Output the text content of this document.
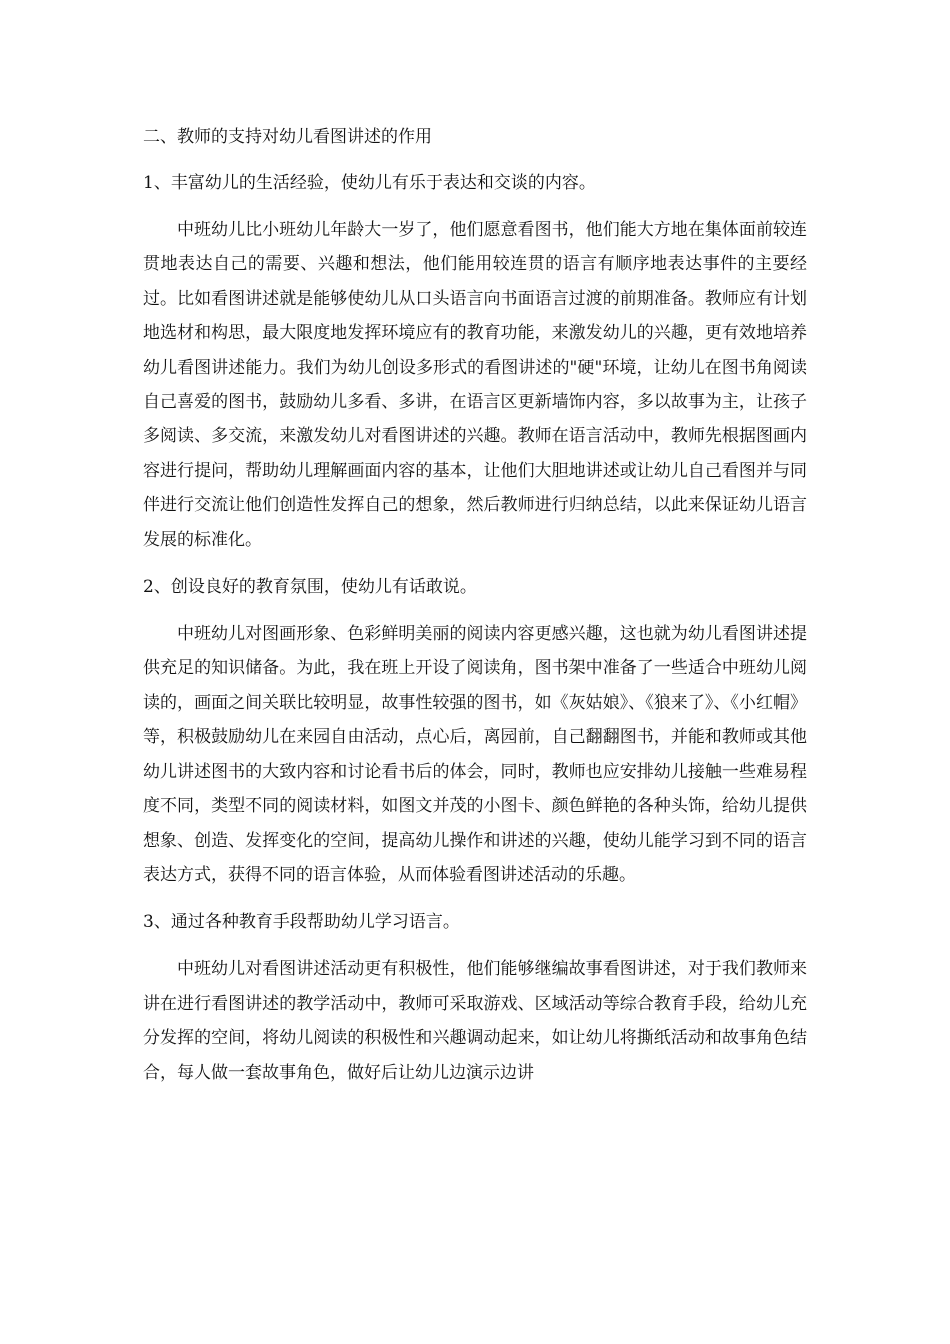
二、教师的支持对幼儿看图讲述的作用
1、丰富幼儿的生活经验，使幼儿有乐于表达和交谈的内容。

中班幼儿比小班幼儿年龄大一岁了，他们愿意看图书，他们能大方地在集体面前较连贯地表达自己的需要、兴趣和想法，他们能用较连贯的语言有顺序地表达事件的主要经过。比如看图讲述就是能够使幼儿从口头语言向书面语言过渡的前期准备。教师应有计划地选材和构思，最大限度地发挥环境应有的教育功能，来激发幼儿的兴趣，更有效地培养幼儿看图讲述能力。我们为幼儿创设多形式的看图讲述的"硬"环境，让幼儿在图书角阅读自己喜爱的图书，鼓励幼儿多看、多讲，在语言区更新墙饰内容，多以故事为主，让孩子多阅读、多交流，来激发幼儿对看图讲述的兴趣。教师在语言活动中，教师先根据图画内容进行提问，帮助幼儿理解画面内容的基本，让他们大胆地讲述或让幼儿自己看图并与同伴进行交流让他们创造性发挥自己的想象，然后教师进行归纳总结，以此来保证幼儿语言发展的标准化。

2、创设良好的教育氛围，使幼儿有话敢说。

中班幼儿对图画形象、色彩鲜明美丽的阅读内容更感兴趣，这也就为幼儿看图讲述提供充足的知识储备。为此，我在班上开设了阅读角，图书架中准备了一些适合中班幼儿阅读的，画面之间关联比较明显，故事性较强的图书，如《灰姑娘》、《狼来了》、《小红帽》等，积极鼓励幼儿在来园自由活动，点心后，离园前，自己翻翻图书，并能和教师或其他幼儿讲述图书的大致内容和讨论看书后的体会，同时，教师也应安排幼儿接触一些难易程度不同，类型不同的阅读材料，如图文并茂的小图卡、颜色鲜艳的各种头饰，给幼儿提供想象、创造、发挥变化的空间，提高幼儿操作和讲述的兴趣，使幼儿能学习到不同的语言表达方式，获得不同的语言体验，从而体验看图讲述活动的乐趣。

3、通过各种教育手段帮助幼儿学习语言。

中班幼儿对看图讲述活动更有积极性，他们能够继编故事看图讲述，对于我们教师来讲在进行看图讲述的教学活动中，教师可采取游戏、区域活动等综合教育手段，给幼儿充分发挥的空间，将幼儿阅读的积极性和兴趣调动起来，如让幼儿将撕纸活动和故事角色结合，每人做一套故事角色，做好后让幼儿边演示边讲
